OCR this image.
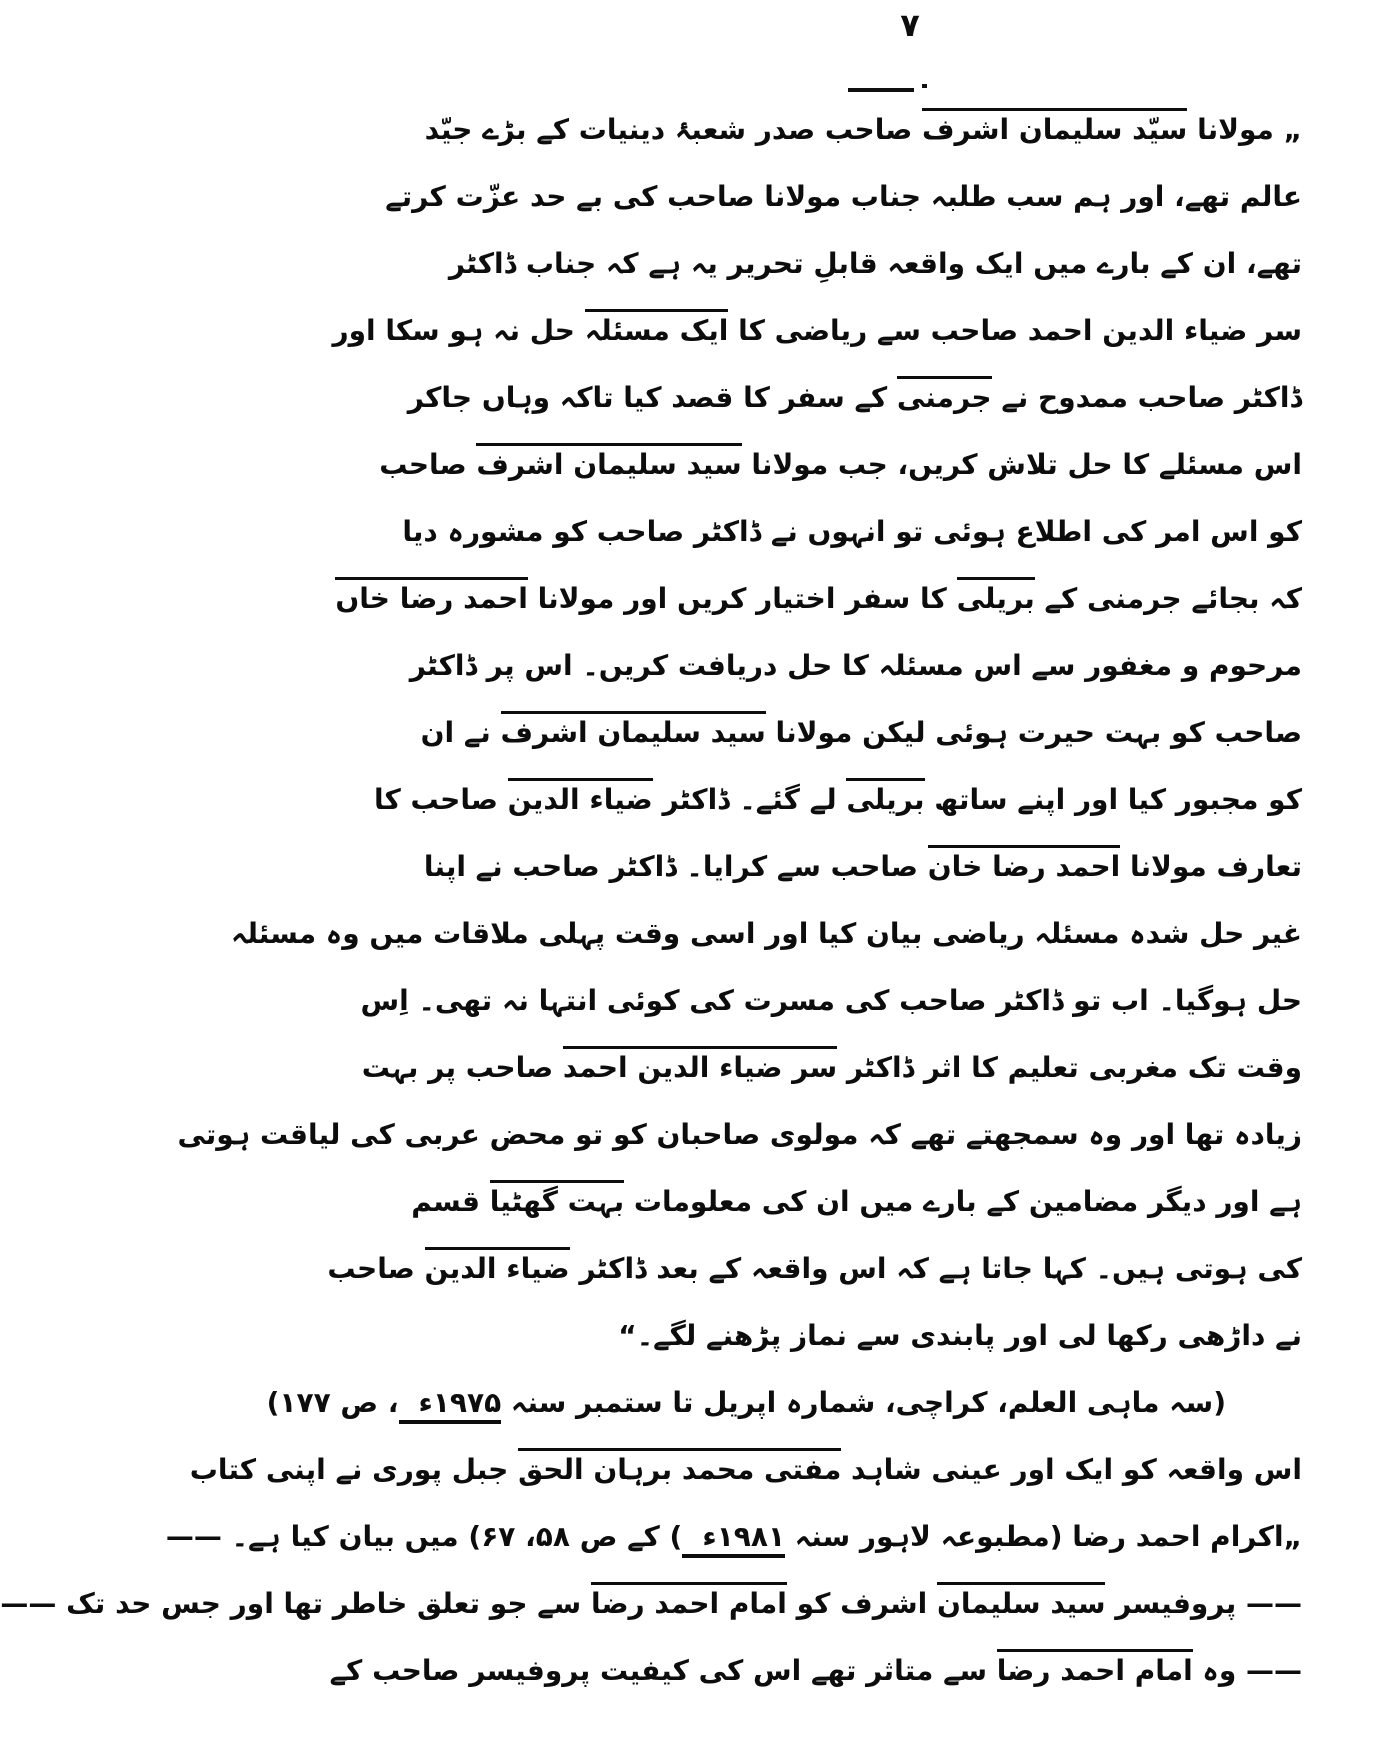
۷
„ مولانا سیّد سلیمان اشرف صاحب صدر شعبۂ دینیات کے بڑے جیّد
عالم تھے، اور ہم سب طلبہ جناب مولانا صاحب کی بے حد عزّت کرتے
تھے، ان کے بارے میں ایک واقعہ قابلِ تحریر یہ ہے کہ جناب ڈاکٹر
سر ضیاء الدین احمد صاحب سے ریاضی کا ایک مسئلہ حل نہ ہو سکا اور
ڈاکٹر صاحب ممدوح نے جرمنی کے سفر کا قصد کیا تاکہ وہاں جاکر
اس مسئلے کا حل تلاش کریں، جب مولانا سید سلیمان اشرف صاحب
کو اس امر کی اطلاع ہوئی تو انہوں نے ڈاکٹر صاحب کو مشورہ دیا
کہ بجائے جرمنی کے بریلی کا سفر اختیار کریں اور مولانا احمد رضا خاں
مرحوم و مغفور سے اس مسئلہ کا حل دریافت کریں۔ اس پر ڈاکٹر
صاحب کو بہت حیرت ہوئی لیکن مولانا سید سلیمان اشرف نے ان
کو مجبور کیا اور اپنے ساتھ بریلی لے گئے۔ ڈاکٹر ضیاء الدین صاحب کا
تعارف مولانا احمد رضا خان صاحب سے کرایا۔ ڈاکٹر صاحب نے اپنا
غیر حل شدہ مسئلہ ریاضی بیان کیا اور اسی وقت پہلی ملاقات میں وہ مسئلہ
حل ہوگیا۔ اب تو ڈاکٹر صاحب کی مسرت کی کوئی انتہا نہ تھی۔ اِس
وقت تک مغربی تعلیم کا اثر ڈاکٹر سر ضیاء الدین احمد صاحب پر بہت
زیادہ تھا اور وہ سمجھتے تھے کہ مولوی صاحبان کو تو محض عربی کی لیاقت ہوتی
ہے اور دیگر مضامین کے بارے میں ان کی معلومات بہت گھٹیا قسم
کی ہوتی ہیں۔ کہا جاتا ہے کہ اس واقعہ کے بعد ڈاکٹر ضیاء الدین صاحب
نے داڑھی رکھا لی اور پابندی سے نماز پڑھنے لگے۔“
(سہ ماہی العلم، کراچی، شمارہ اپریل تا ستمبر سنہ ۱۹۷۵ء، ص ۱۷۷)
اس واقعہ کو ایک اور عینی شاہد مفتی محمد برہان الحق جبل پوری نے اپنی کتاب
„اکرام احمد رضا (مطبوعہ لاہور سنہ ۱۹۸۱ء) کے ص ۵۸، ۶۷) میں بیان کیا ہے۔ ——
—— پروفیسر سید سلیمان اشرف کو امام احمد رضا سے جو تعلق خاطر تھا اور جس حد تک ——
—— وہ امام احمد رضا سے متاثر تھے اس کی کیفیت پروفیسر صاحب کے
